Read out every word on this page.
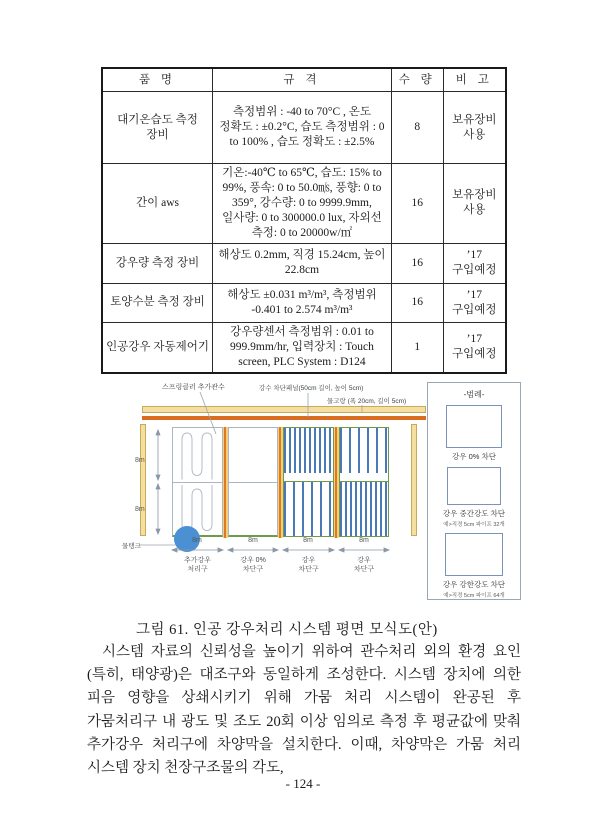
품 명	규 격	수 량	비 고
대기온습도 측정 장비	측정범위 : -40 to 70°C , 온도 정확도 : ±0.2°C, 습도 측정범위 : 0 to 100% , 습도 정확도 : ±2.5%	8	보유장비 사용
간이 aws	기온:-40℃ to 65℃, 습도: 15% to 99%, 풍속: 0 to 50.0㎧, 풍향: 0 to 359°, 강수량: 0 to 9999.9mm, 일사량: 0 to 300000.0 lux, 자외선 측정: 0 to 20000w/㎡	16	보유장비 사용
강우량 측정 장비	해상도 0.2mm, 직경 15.24cm, 높이 22.8cm	16	’17 구입예정
토양수분 측정 장비	해상도 ±0.031 m³/m³, 측정범위 -0.401 to 2.574 m³/m³	16	’17 구입예정
인공강우 자동제어기	강우량센서 측정범위 : 0.01 to 999.9mm/hr, 입력장치 : Touch screen, PLC System : D124	1	’17 구입예정
스프링클러 추가관수	강수 차단패널(50cm 길이, 높이 5cm)
물고랑 (폭 20cm, 길이 5cm)
물탱크
8m
8m
8m	8m	8m	8m
추가강우
처리구
강우 0%
차단구
강우
차단구
강우
차단구
-범례-
강우 0% 차단
강우 중간강도 차단
예>직경 5cm 파이프 32개
강우 강한강도 차단
예>직경 5cm 파이프 64개
그림 61. 인공 강우처리 시스템 평면 모식도(안)

시스템 자료의 신뢰성을 높이기 위하여 관수처리 외의 환경 요인(특히, 태양광)은 대조구와 동일하게 조성한다. 시스템 장치에 의한 피음 영향을 상쇄시키기 위해 가뭄 처리 시스템이 완공된 후 가뭄처리구 내 광도 및 조도 20회 이상 임의로 측정 후 평균값에 맞춰 추가강우 처리구에 차양막을 설치한다. 이때, 차양막은 가뭄 처리 시스템 장치 천장구조물의 각도,

- 124 -
